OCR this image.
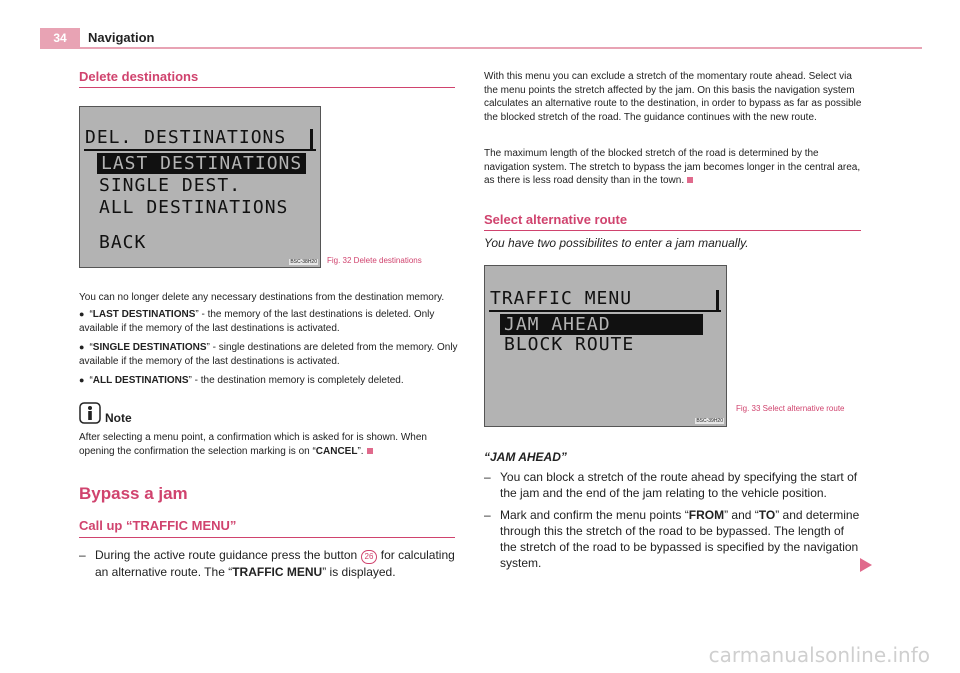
34	Navigation
Delete destinations
DEL. DESTINATIONS
LAST DESTINATIONS
SINGLE DEST.
ALL DESTINATIONS
BACK
BSC-38H20 Fig. 32 Delete destinations
You can no longer delete any necessary destinations from the destination memory.
●  “LAST DESTINATIONS” - the memory of the last destinations is deleted. Only available if the memory of the last destinations is activated.
●  “SINGLE DESTINATIONS” - single destinations are deleted from the memory. Only available if the memory of the last destinations is activated.
●  “ALL DESTINATIONS” - the destination memory is completely deleted.
Note
After selecting a menu point, a confirmation which is asked for is shown. When opening the confirmation the selection marking is on “CANCEL”.
Bypass a jam
Call up “TRAFFIC MENU”
– During the active route guidance press the button 26 for calculating an alternative route. The “TRAFFIC MENU” is displayed.
With this menu you can exclude a stretch of the momentary route ahead. Select via the menu points the stretch affected by the jam. On this basis the navigation system calculates an alternative route to the destination, in order to bypass as far as possible the blocked stretch of the road. The guidance continues with the new route.
The maximum length of the blocked stretch of the road is determined by the navigation system. The stretch to bypass the jam becomes longer in the central area, as there is less road density than in the town.
Select alternative route
You have two possibilites to enter a jam manually.
TRAFFIC MENU
JAM AHEAD
BLOCK ROUTE
BSC-39H20
Fig. 33 Select alternative route
“JAM AHEAD”
– You can block a stretch of the route ahead by specifying the start of the jam and the end of the jam relating to the vehicle position.
– Mark and confirm the menu points “FROM” and “TO” and determine through this the stretch of the road to be bypassed. The length of the stretch of the road to be bypassed is specified by the navigation system.
carmanualsonline.info
